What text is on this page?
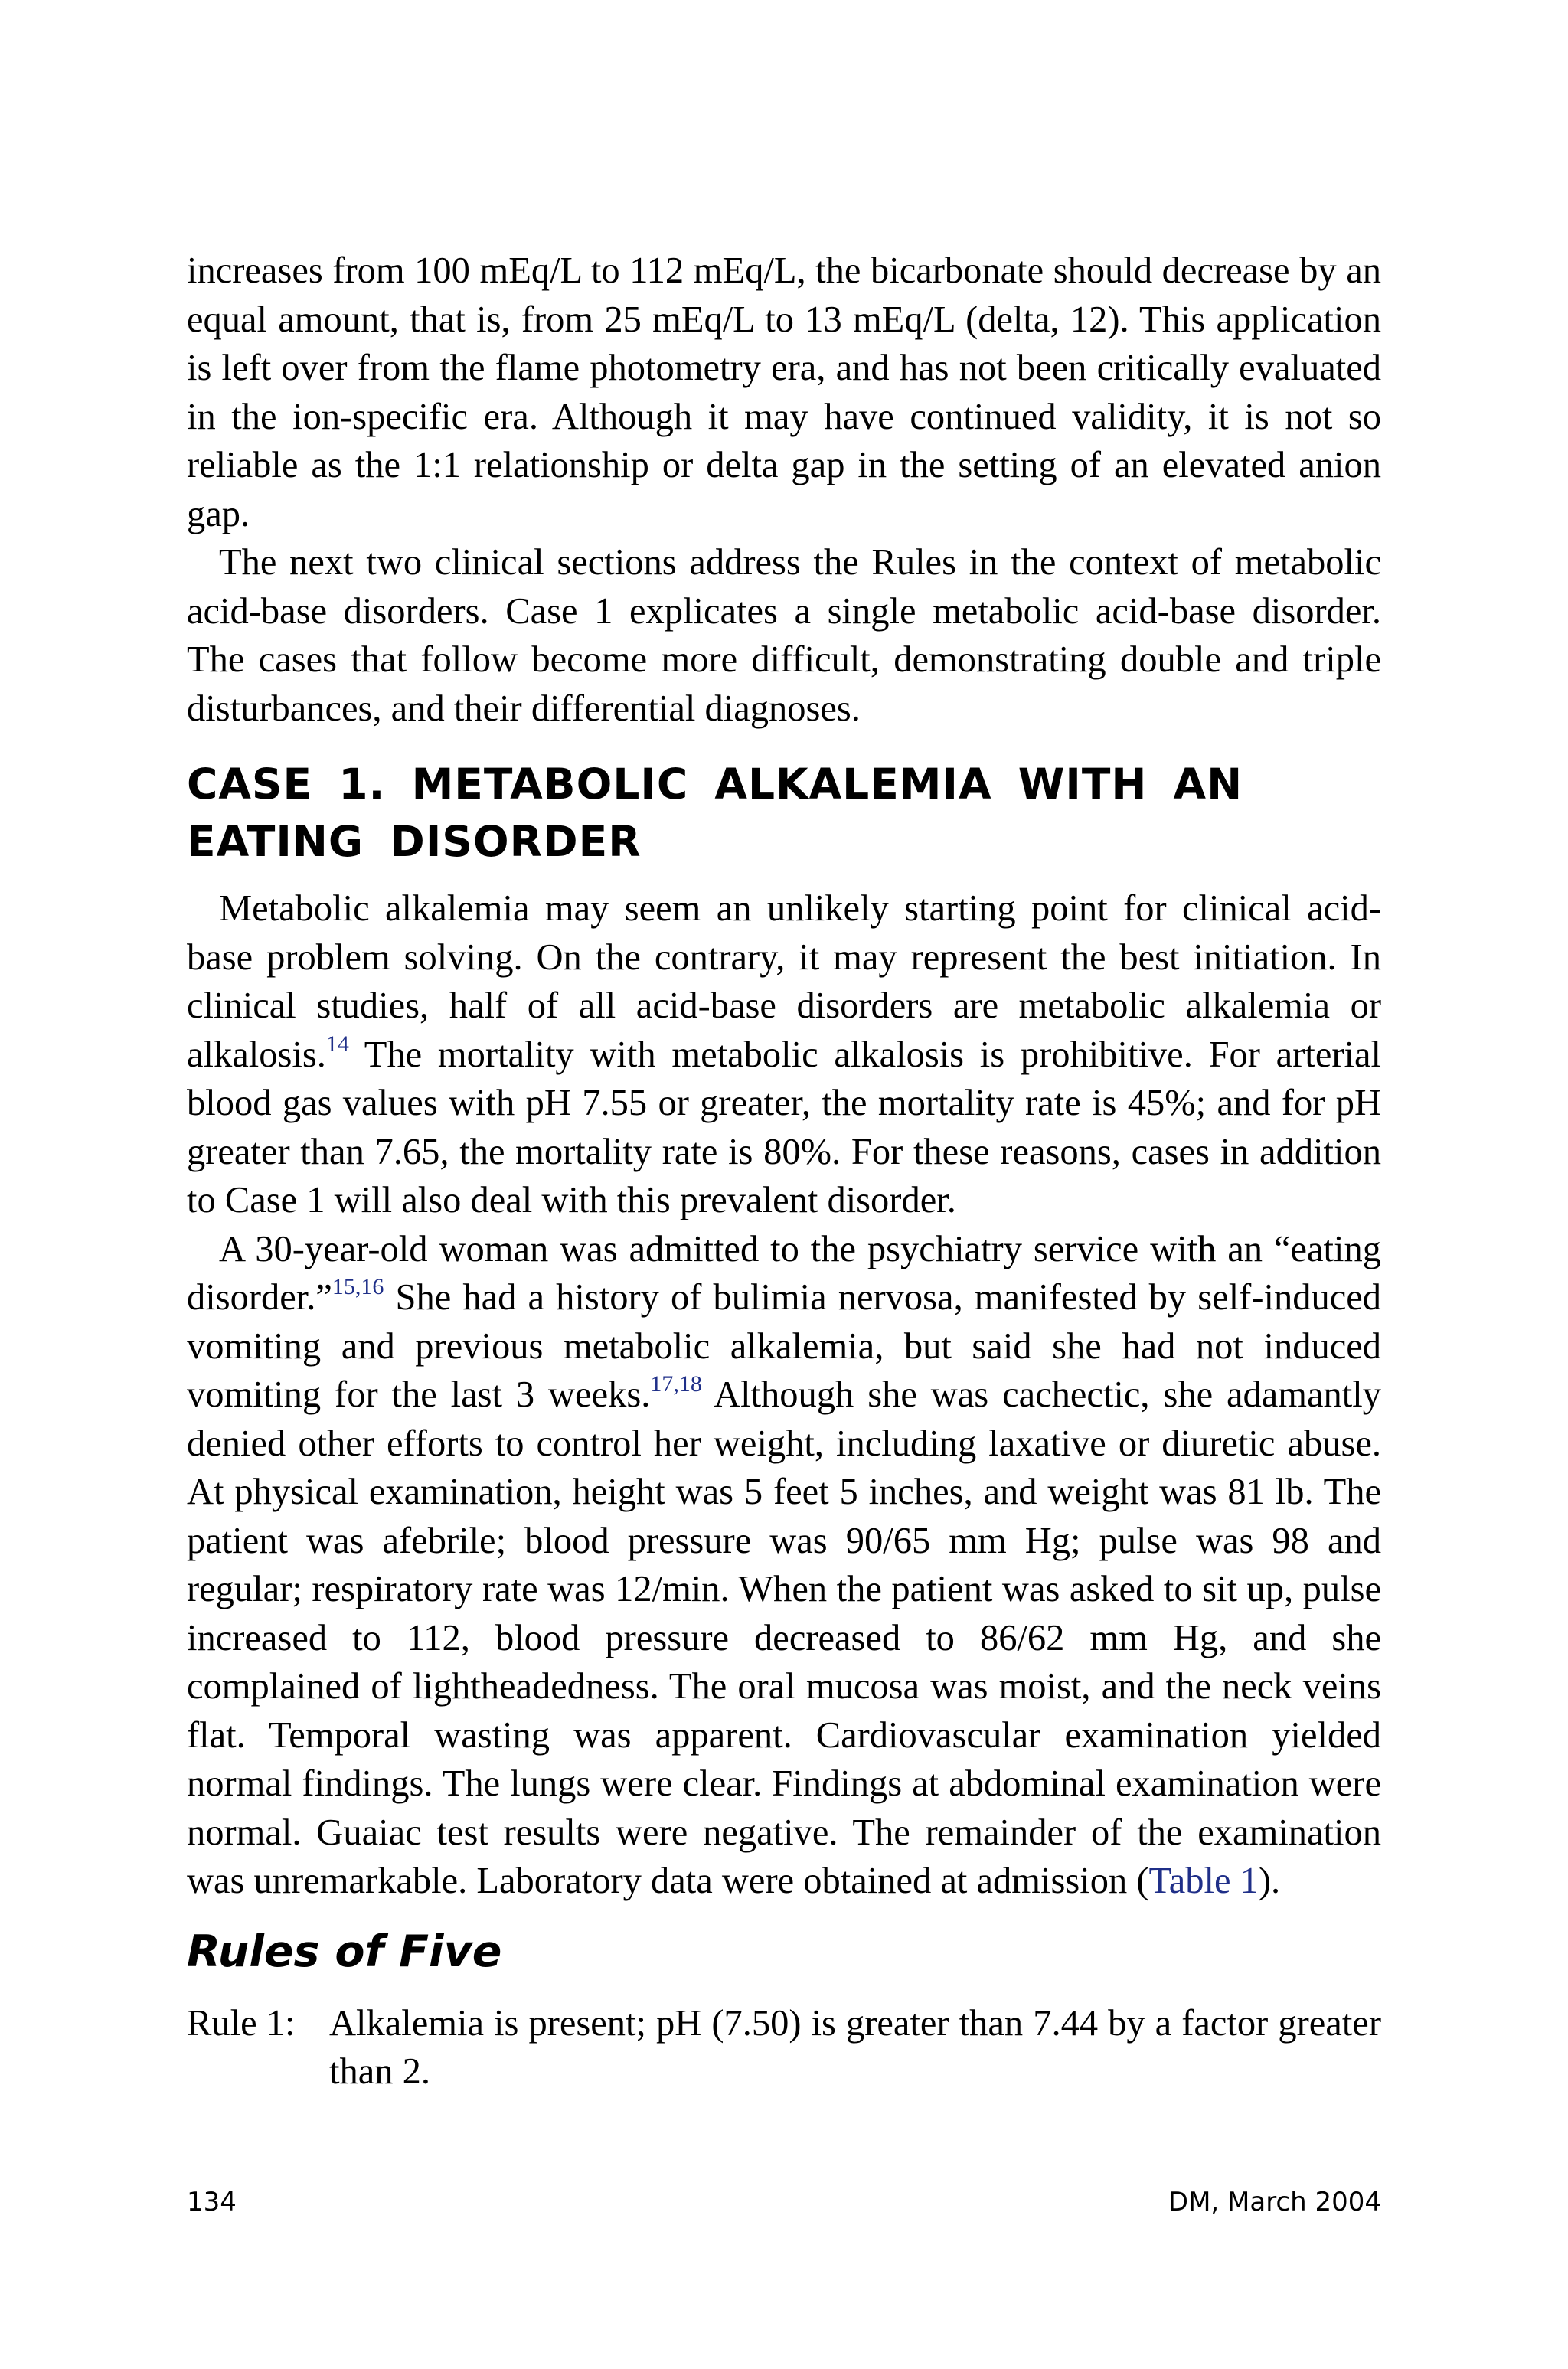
increases from 100 mEq/L to 112 mEq/L, the bicarbonate should decrease by an equal amount, that is, from 25 mEq/L to 13 mEq/L (delta, 12). This application is left over from the flame photometry era, and has not been critically evaluated in the ion-specific era. Although it may have continued validity, it is not so reliable as the 1:1 relationship or delta gap in the setting of an elevated anion gap.

The next two clinical sections address the Rules in the context of metabolic acid-base disorders. Case 1 explicates a single metabolic acid-base disorder. The cases that follow become more difficult, demonstrating double and triple disturbances, and their differential diagnoses.

CASE 1. METABOLIC ALKALEMIA WITH AN
EATING DISORDER

Metabolic alkalemia may seem an unlikely starting point for clinical acid-base problem solving. On the contrary, it may represent the best initiation. In clinical studies, half of all acid-base disorders are metabolic alkalemia or alkalosis.$^{14}$ The mortality with metabolic alkalosis is prohibitive. For arterial blood gas values with pH 7.55 or greater, the mortality rate is 45%; and for pH greater than 7.65, the mortality rate is 80%. For these reasons, cases in addition to Case 1 will also deal with this prevalent disorder.

A 30-year-old woman was admitted to the psychiatry service with an “eating disorder.”$^{15,16}$ She had a history of bulimia nervosa, manifested by self-induced vomiting and previous metabolic alkalemia, but said she had not induced vomiting for the last 3 weeks.$^{17,18}$ Although she was cachectic, she adamantly denied other efforts to control her weight, including laxative or diuretic abuse. At physical examination, height was 5 feet 5 inches, and weight was 81 lb. The patient was afebrile; blood pressure was 90/65 mm Hg; pulse was 98 and regular; respiratory rate was 12/min. When the patient was asked to sit up, pulse increased to 112, blood pressure decreased to 86/62 mm Hg, and she complained of lightheadedness. The oral mucosa was moist, and the neck veins flat. Temporal wasting was apparent. Cardiovascular examination yielded normal findings. The lungs were clear. Findings at abdominal examination were normal. Guaiac test results were negative. The remainder of the examination was unremarkable. Laboratory data were obtained at admission (Table 1).

Rules of Five
Rule 1: Alkalemia is present; pH (7.50) is greater than 7.44 by a factor greater than 2.
134	DM, March 2004
